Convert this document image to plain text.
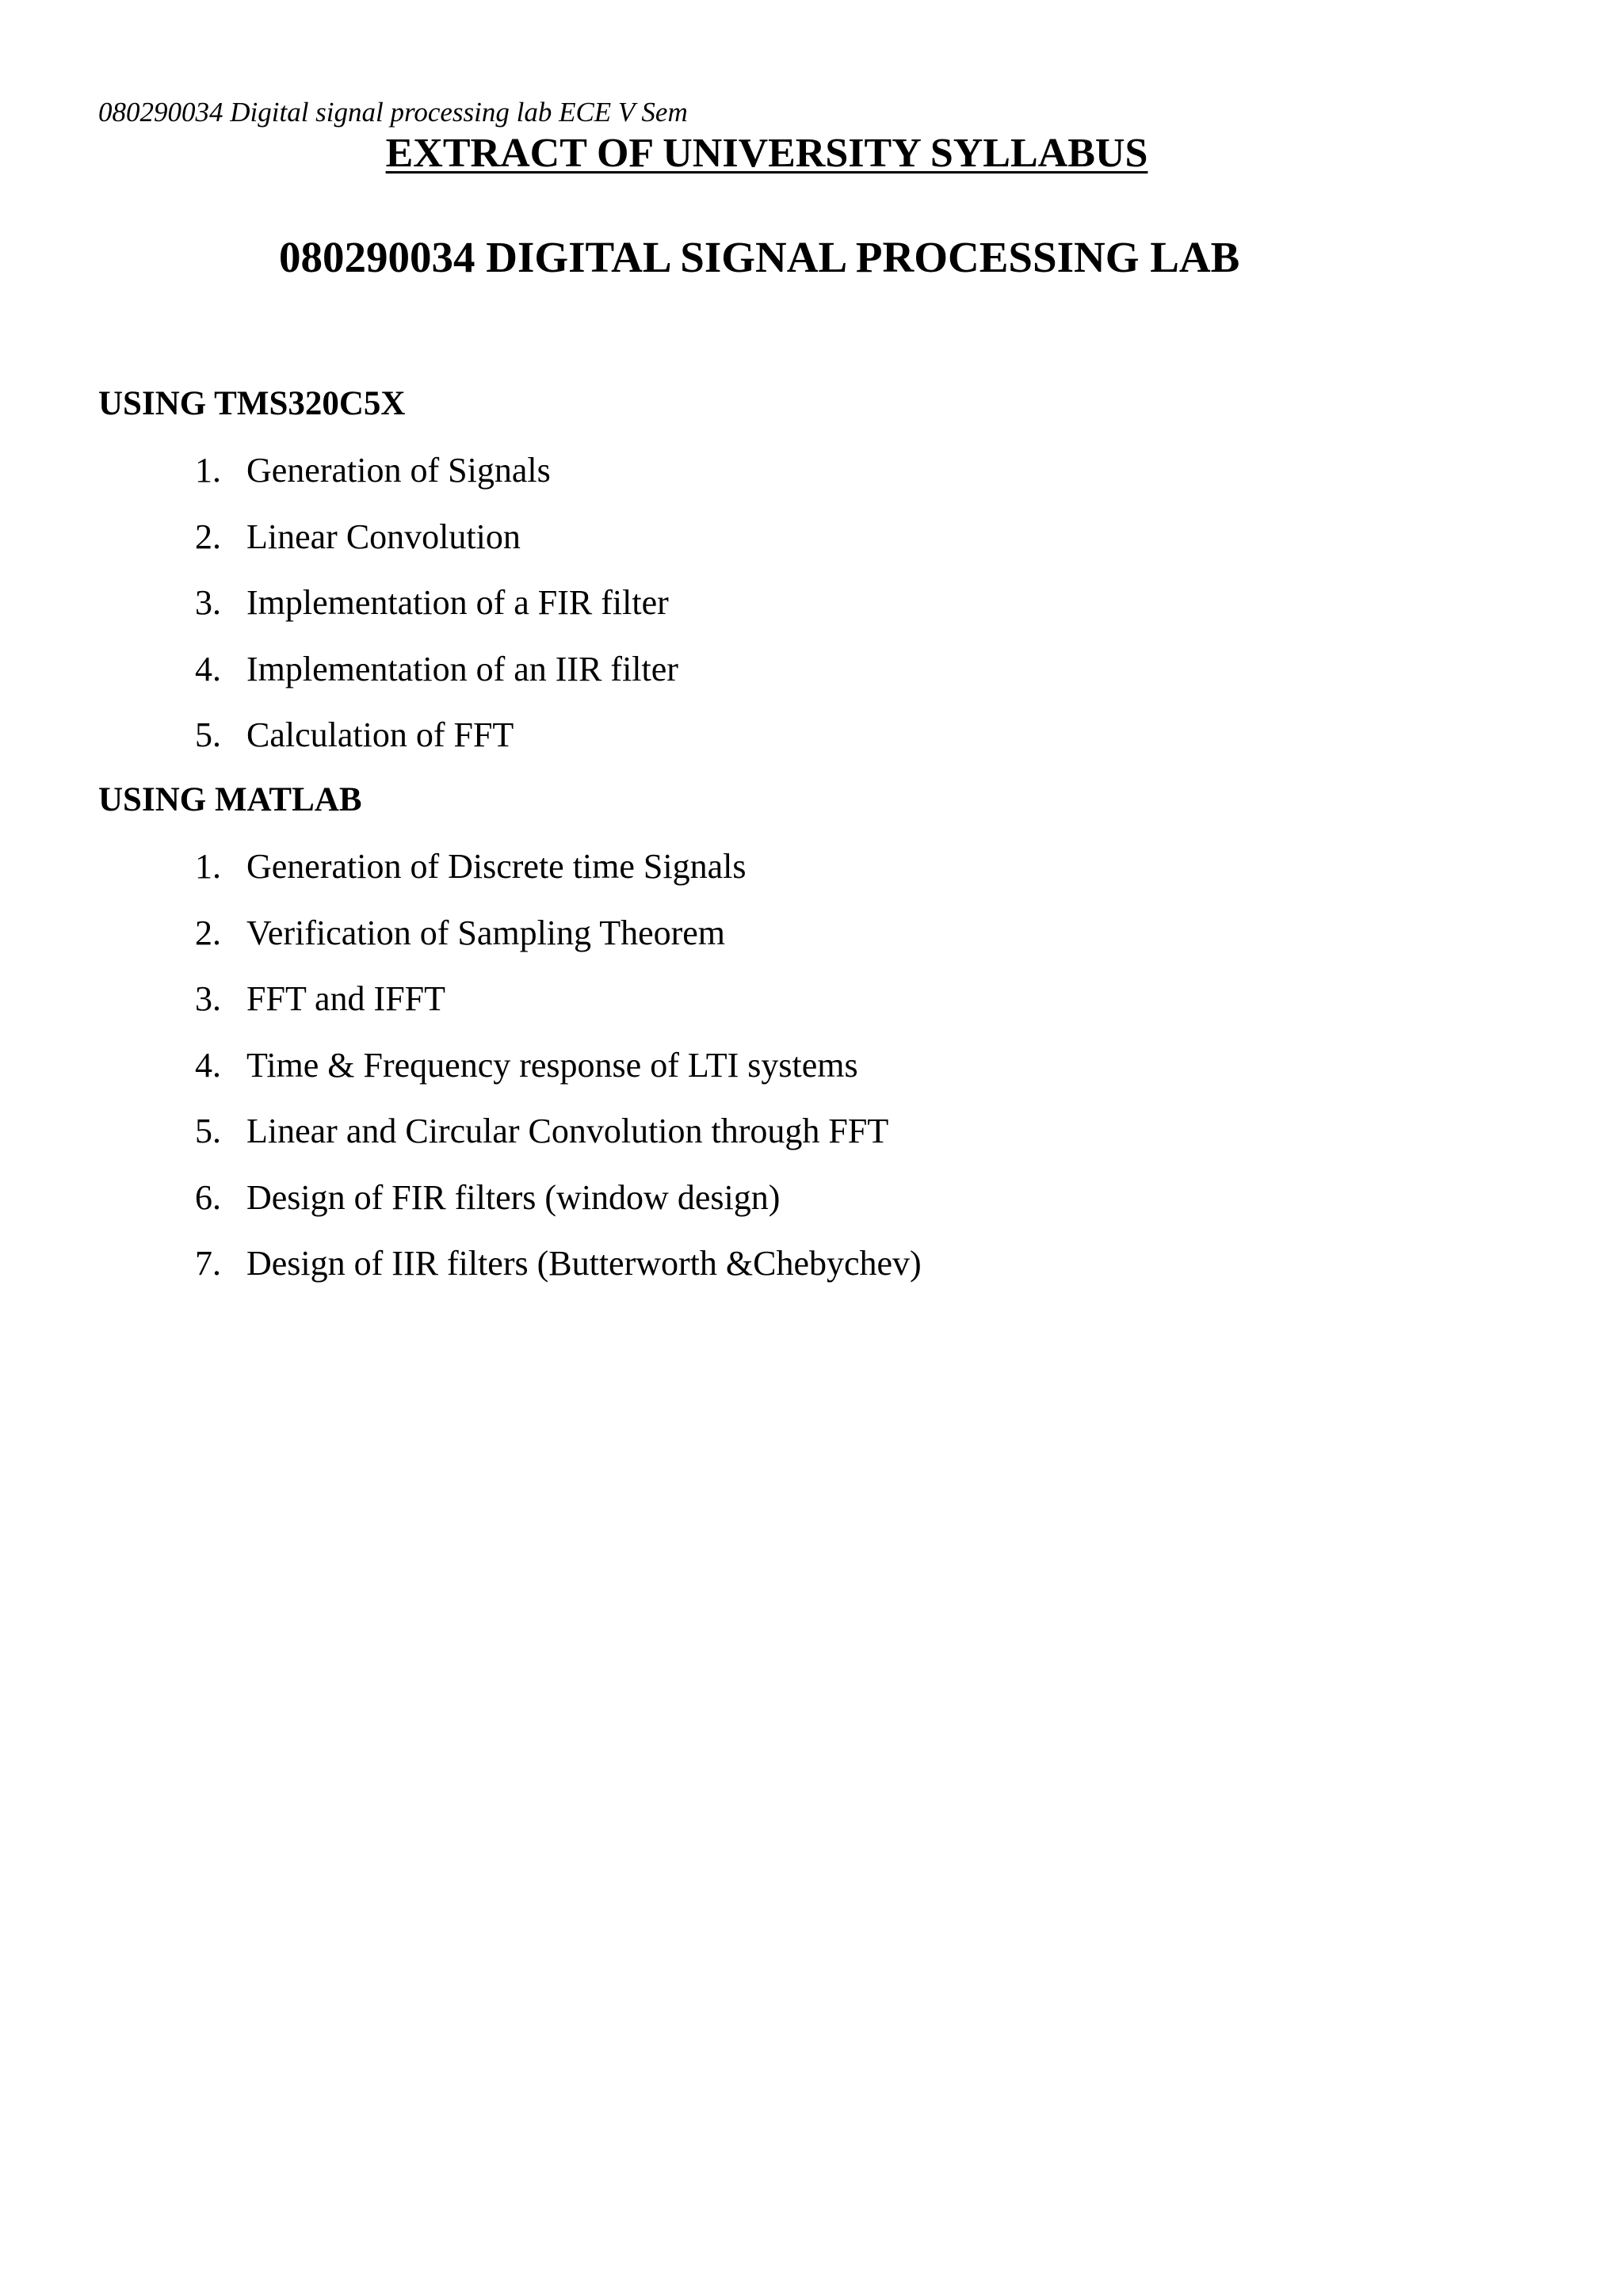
080290034 Digital signal processing lab ECE V Sem
EXTRACT OF UNIVERSITY SYLLABUS
080290034 DIGITAL SIGNAL PROCESSING LAB
USING TMS320C5X
1. Generation of Signals
2. Linear Convolution
3. Implementation of a FIR filter
4. Implementation of an IIR filter
5. Calculation of FFT
USING MATLAB
1. Generation of Discrete time Signals
2. Verification of Sampling Theorem
3. FFT and IFFT
4. Time & Frequency response of LTI systems
5. Linear and Circular Convolution through FFT
6. Design of FIR filters (window design)
7. Design of IIR filters (Butterworth &Chebychev)
